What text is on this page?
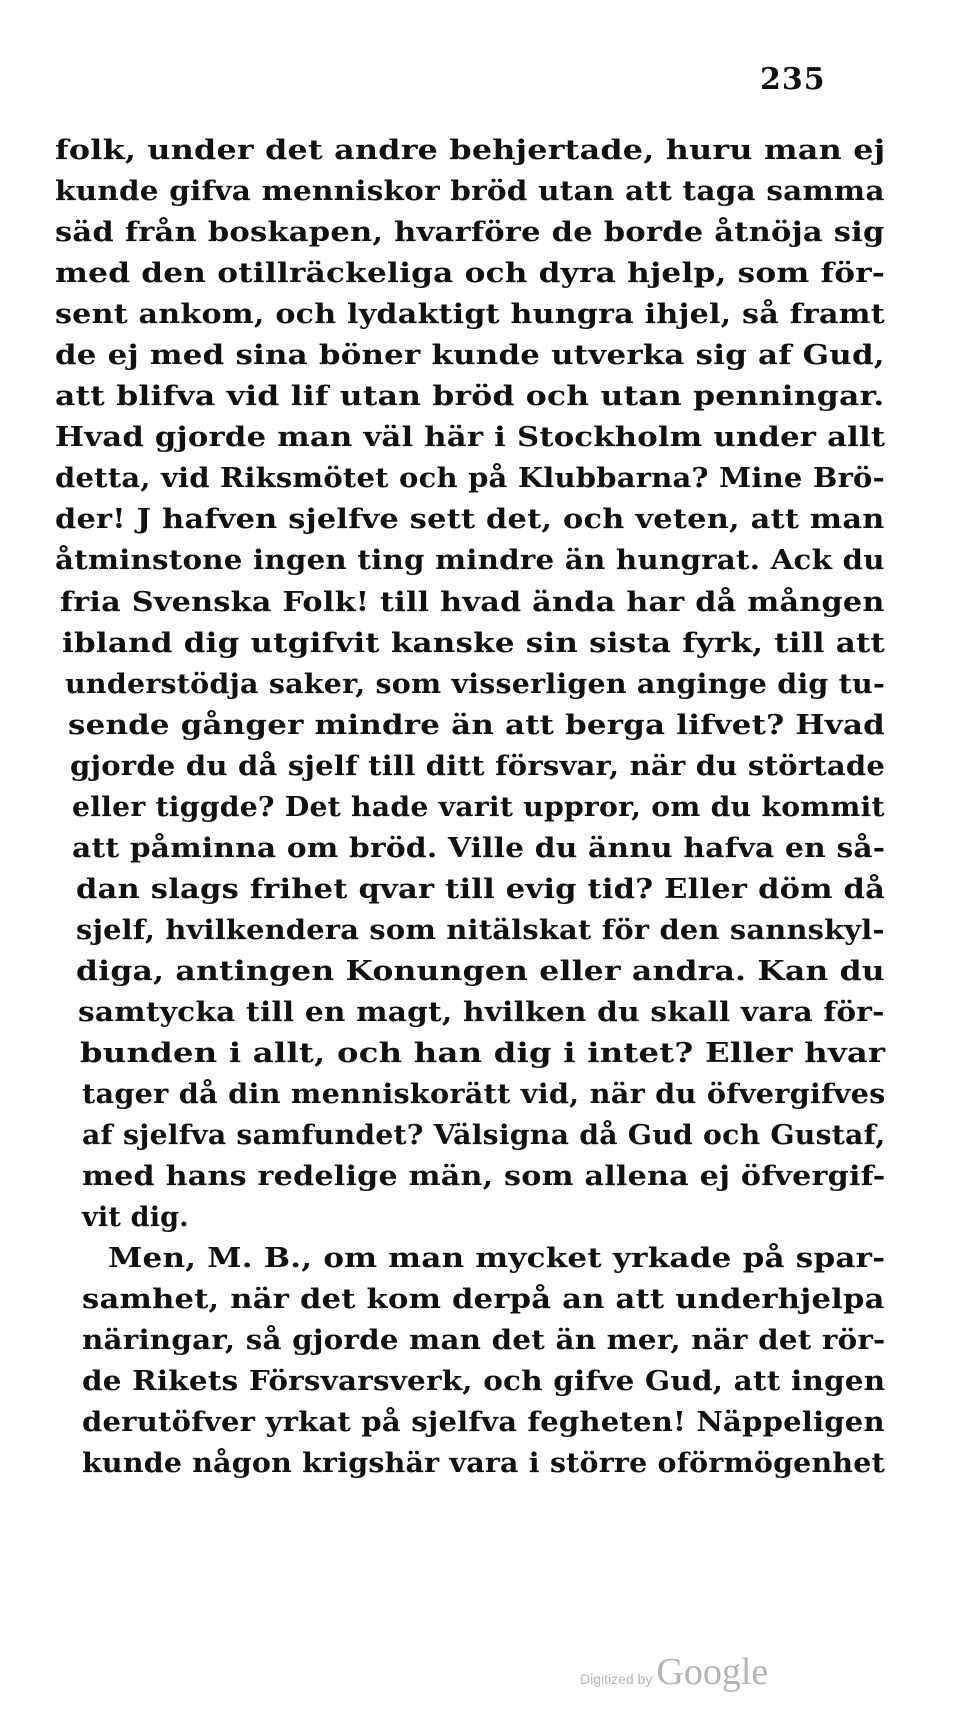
235
folk, under det andre behjertade, huru man ej
kunde gifva menniskor bröd utan att taga samma
säd från boskapen, hvarföre de borde åtnöja sig
med den otillräckeliga och dyra hjelp, som för-
sent ankom, och lydaktigt hungra ihjel, så framt
de ej med sina böner kunde utverka sig af Gud,
att blifva vid lif utan bröd och utan penningar.
Hvad gjorde man väl här i Stockholm under allt
detta, vid Riksmötet och på Klubbarna? Mine Brö-
der! J hafven sjelfve sett det, och veten, att man
åtminstone ingen ting mindre än hungrat. Ack du
fria Svenska Folk! till hvad ända har då mången
ibland dig utgifvit kanske sin sista fyrk, till att
understödja saker, som visserligen anginge dig tu-
sende gånger mindre än att berga lifvet? Hvad
gjorde du då sjelf till ditt försvar, när du störtade
eller tiggde? Det hade varit uppror, om du kommit
att påminna om bröd. Ville du ännu hafva en så-
dan slags frihet qvar till evig tid? Eller döm då
sjelf, hvilkendera som nitälskat för den sannskyl-
diga, antingen Konungen eller andra. Kan du
samtycka till en magt, hvilken du skall vara för-
bunden i allt, och han dig i intet? Eller hvar
tager då din menniskorätt vid, när du öfvergifves
af sjelfva samfundet? Välsigna då Gud och Gustaf,
med hans redelige män, som allena ej öfvergif-
vit dig.
Men, M. B., om man mycket yrkade på spar-
samhet, när det kom derpå an att underhjelpa
näringar, så gjorde man det än mer, när det rör-
de Rikets Försvarsverk, och gifve Gud, att ingen
derutöfver yrkat på sjelfva fegheten! Näppeligen
kunde någon krigshär vara i större oförmögenhet
Digitized by Google
